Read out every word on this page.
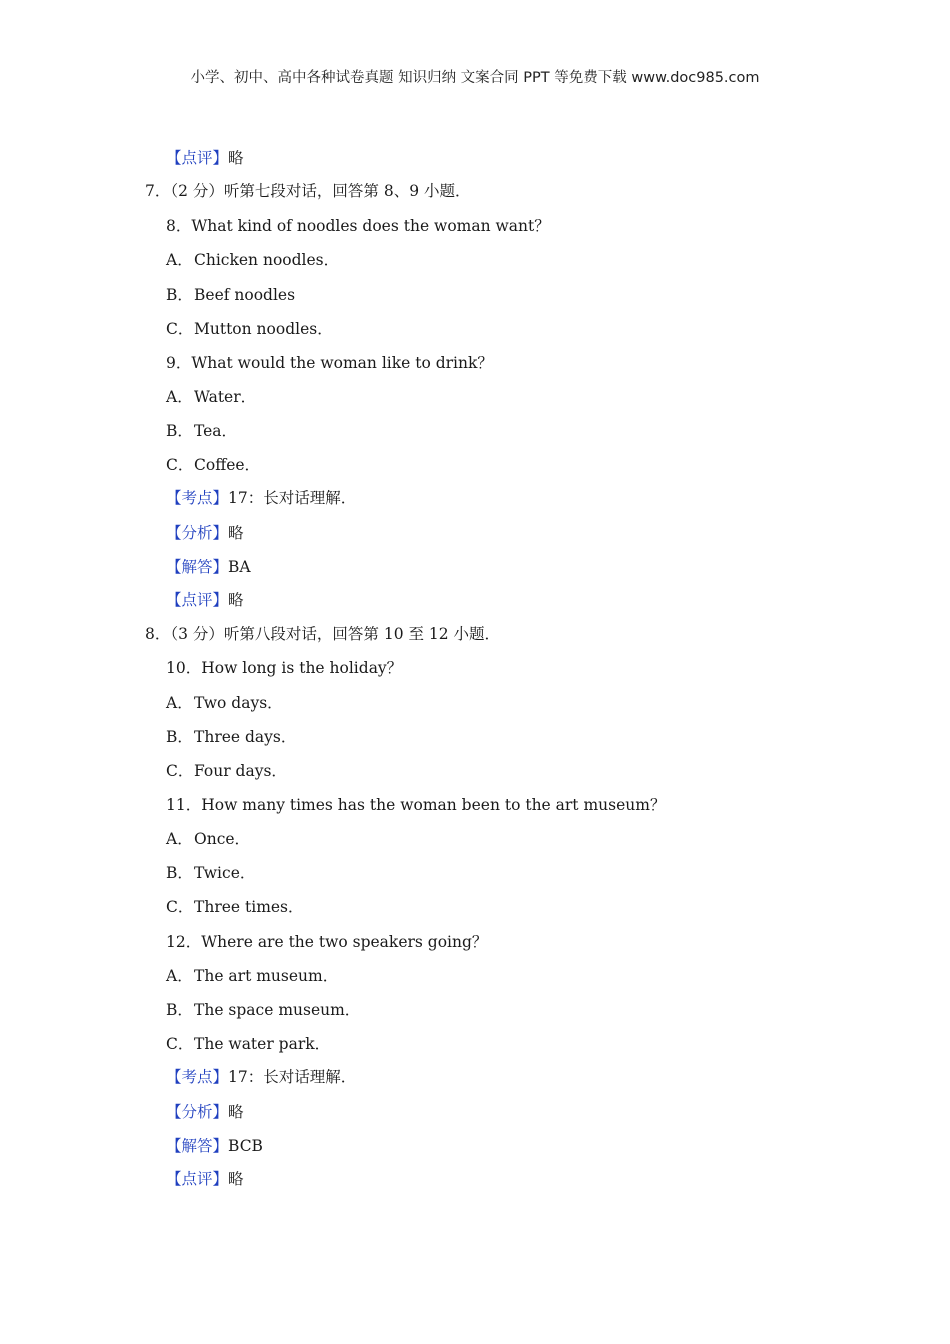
小学、初中、高中各种试卷真题 知识归纳 文案合同 PPT 等免费下载 www.doc985.com
【点评】略
7．（2 分）听第七段对话，回答第 8、9 小题．
8．What kind of noodles does the woman want？
A．Chicken noodles．
B．Beef noodles
C．Mutton noodles．
9．What would the woman like to drink？
A．Water．
B．Tea．
C．Coffee．
【考点】17：长对话理解．
【分析】略
【解答】BA
【点评】略
8．（3 分）听第八段对话，回答第 10 至 12 小题．
10．How long is the holiday？
A．Two days．
B．Three days．
C．Four days．
11．How many times has the woman been to the art museum？
A．Once．
B．Twice．
C．Three times．
12．Where are the two speakers going？
A．The art museum．
B．The space museum．
C．The water park．
【考点】17：长对话理解．
【分析】略
【解答】BCB
【点评】略
